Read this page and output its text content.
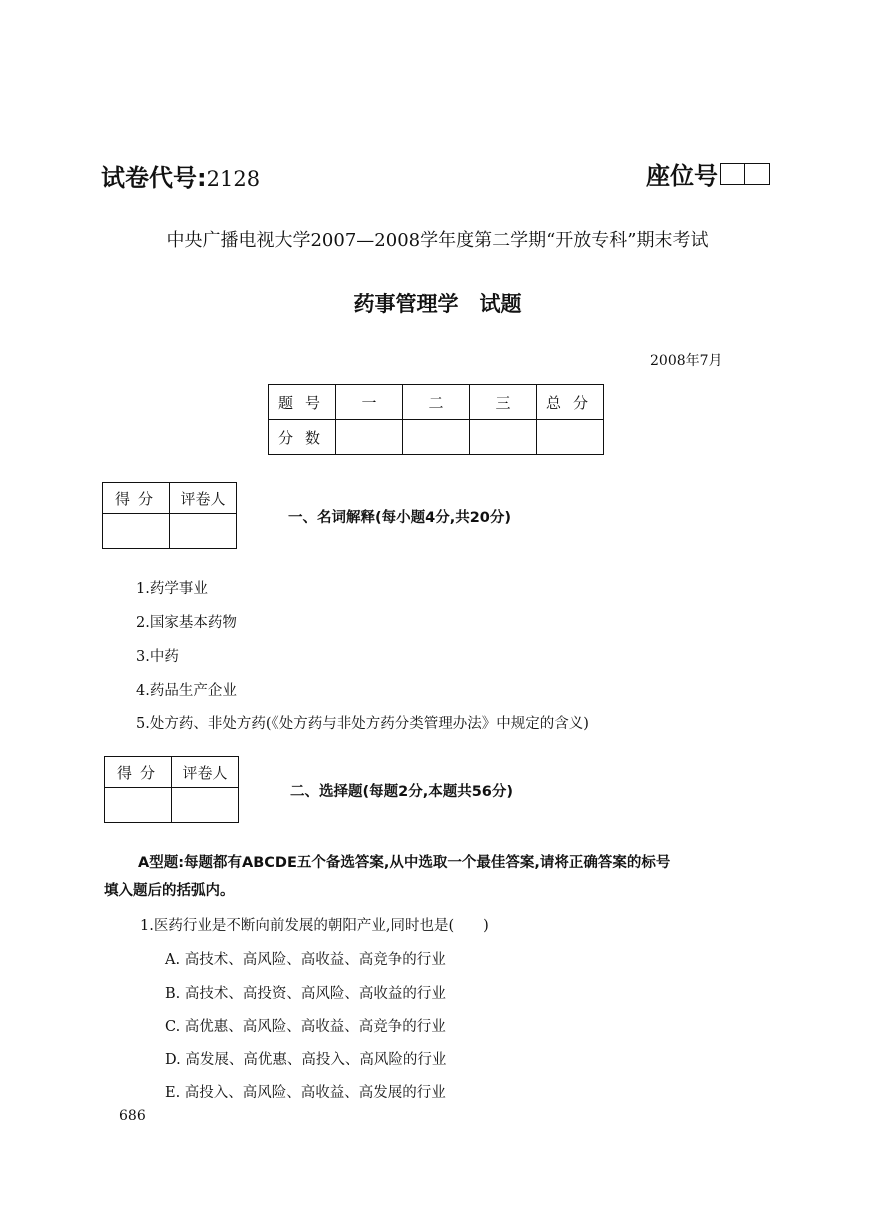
试卷代号:2128	座位号
中央广播电视大学2007—2008学年度第二学期“开放专科”期末考试
药事管理学　试题
2008年7月
题号	一	二	三	总分
分数				
得分	评卷人

一、名词解释(每小题4分,共20分)
1.药学事业
2.国家基本药物
3.中药
4.药品生产企业
5.处方药、非处方药(《处方药与非处方药分类管理办法》中规定的含义)
得分	评卷人

二、选择题(每题2分,本题共56分)
A型题:每题都有ABCDE五个备选答案,从中选取一个最佳答案,请将正确答案的标号
填入题后的括弧内。
1.医药行业是不断向前发展的朝阳产业,同时也是(　　)
A. 高技术、高风险、高收益、高竞争的行业
B. 高技术、高投资、高风险、高收益的行业
C. 高优惠、高风险、高收益、高竞争的行业
D. 高发展、高优惠、高投入、高风险的行业
E. 高投入、高风险、高收益、高发展的行业
686
